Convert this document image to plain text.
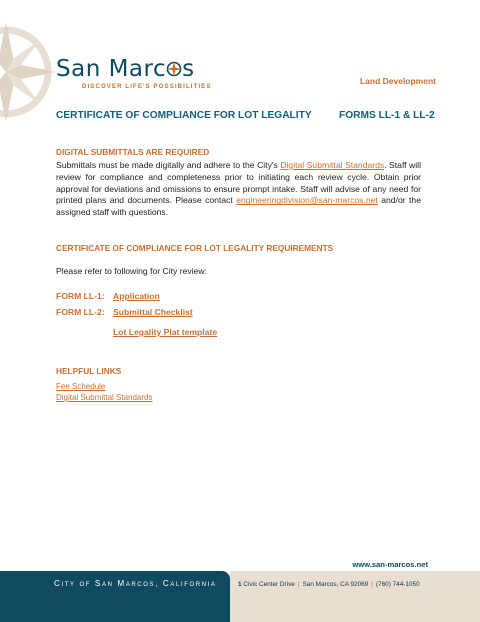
San Marc s
DISCOVER LIFE'S POSSIBILITIES
Land Development
CERTIFICATE OF COMPLIANCE FOR LOT LEGALITY	FORMS LL-1 & LL-2
DIGITAL SUBMITTALS ARE REQUIRED
Submittals must be made digitally and adhere to the City's Digital Submittal Standards. Staff will review for compliance and completeness prior to initiating each review cycle. Obtain prior approval for deviations and omissions to ensure prompt intake. Staff will advise of any need for printed plans and documents. Please contact engineeringdivision@san-marcos.net and/or the assigned staff with questions.
CERTIFICATE OF COMPLIANCE FOR LOT LEGALITY REQUIREMENTS
Please refer to following for City review:
FORM LL-1: Application
FORM LL-2: Submittal Checklist
Lot Legality Plat template
HELPFUL LINKS
Fee Schedule
Digital Submittal Standards
www.san-marcos.net
City of San Marcos, California	1 Civic Center Drive | San Marcos, CA 92069 | (760) 744-1050
